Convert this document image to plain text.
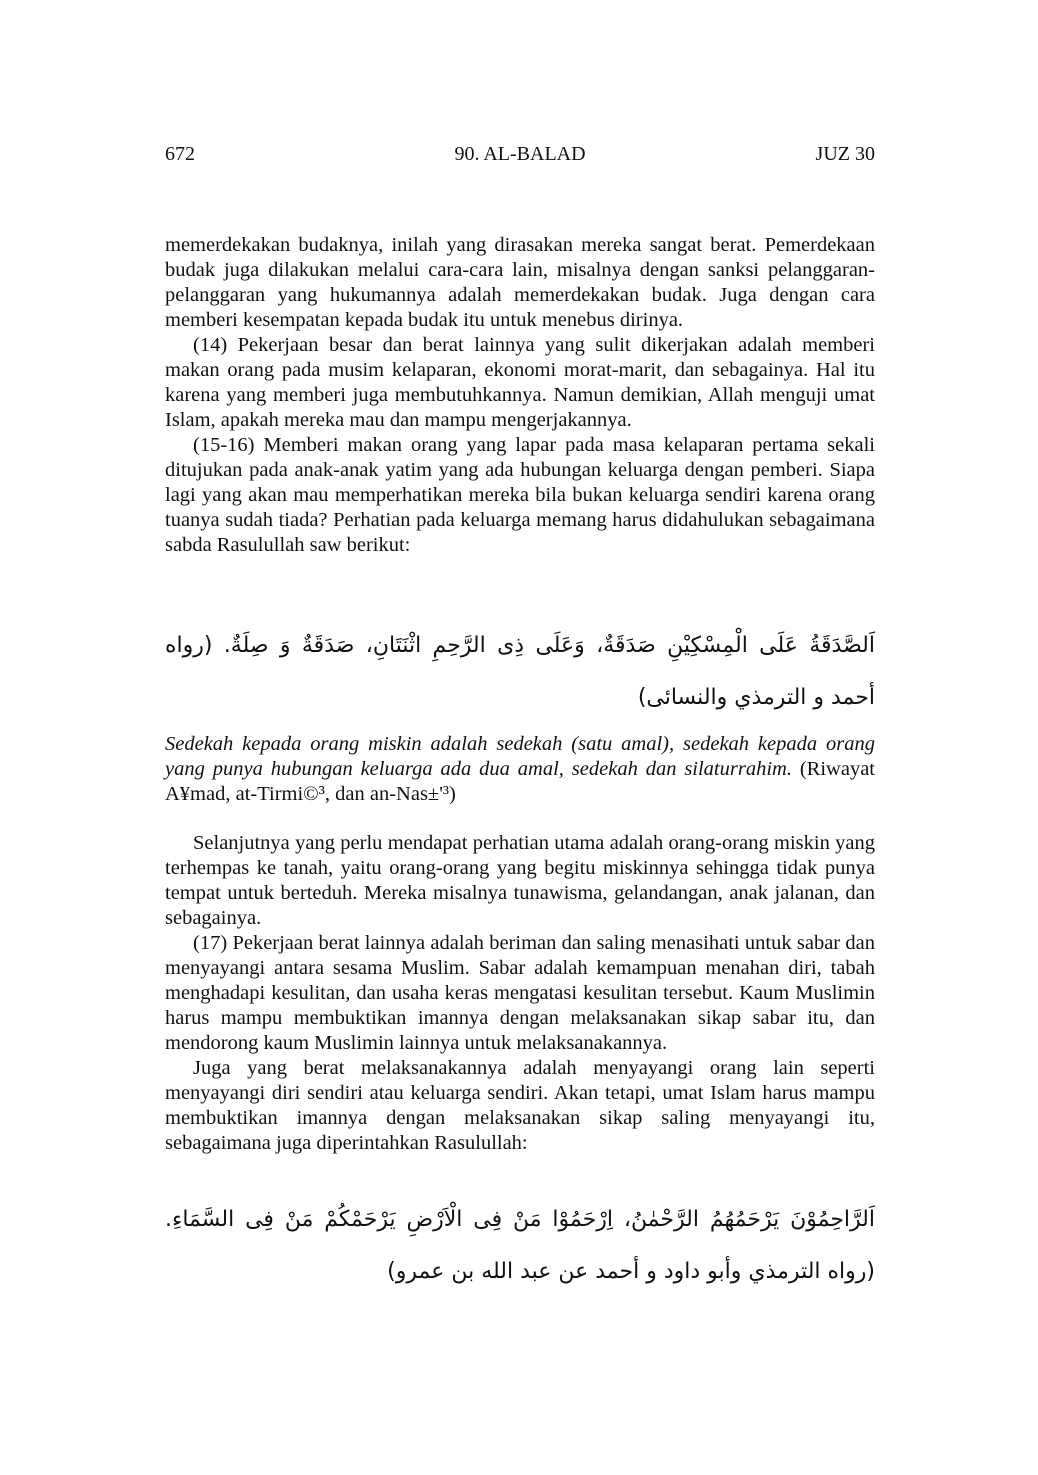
672	90. AL-BALAD	JUZ 30

memerdekakan budaknya, inilah yang dirasakan mereka sangat berat. Pemerdekaan budak juga dilakukan melalui cara-cara lain, misalnya dengan sanksi pelanggaran-pelanggaran yang hukumannya adalah memerdekakan budak. Juga dengan cara memberi kesempatan kepada budak itu untuk menebus dirinya.

(14) Pekerjaan besar dan berat lainnya yang sulit dikerjakan adalah memberi makan orang pada musim kelaparan, ekonomi morat-marit, dan sebagainya. Hal itu karena yang memberi juga membutuhkannya. Namun demikian, Allah menguji umat Islam, apakah mereka mau dan mampu mengerjakannya.

(15-16) Memberi makan orang yang lapar pada masa kelaparan pertama sekali ditujukan pada anak-anak yatim yang ada hubungan keluarga dengan pemberi. Siapa lagi yang akan mau memperhatikan mereka bila bukan keluarga sendiri karena orang tuanya sudah tiada? Perhatian pada keluarga memang harus didahulukan sebagaimana sabda Rasulullah saw berikut:

اَلصَّدَقَةُ عَلَى الْمِسْكِيْنِ صَدَقَةٌ، وَعَلَى ذِى الرَّحِمِ اثْنَتَانِ، صَدَقَةٌ وَ صِلَةٌ. (رواه أحمد و الترمذي والنسائى)
Sedekah kepada orang miskin adalah sedekah (satu amal), sedekah kepada orang yang punya hubungan keluarga ada dua amal, sedekah dan silaturrahim. (Riwayat A¥mad, at-Tirmi©³, dan an-Nas±'³)

Selanjutnya yang perlu mendapat perhatian utama adalah orang-orang miskin yang terhempas ke tanah, yaitu orang-orang yang begitu miskinnya sehingga tidak punya tempat untuk berteduh. Mereka misalnya tunawisma, gelandangan, anak jalanan, dan sebagainya.

(17) Pekerjaan berat lainnya adalah beriman dan saling menasihati untuk sabar dan menyayangi antara sesama Muslim. Sabar adalah kemampuan menahan diri, tabah menghadapi kesulitan, dan usaha keras mengatasi kesulitan tersebut. Kaum Muslimin harus mampu membuktikan imannya dengan melaksanakan sikap sabar itu, dan mendorong kaum Muslimin lainnya untuk melaksanakannya.

Juga yang berat melaksanakannya adalah menyayangi orang lain seperti menyayangi diri sendiri atau keluarga sendiri. Akan tetapi, umat Islam harus mampu membuktikan imannya dengan melaksanakan sikap saling menyayangi itu, sebagaimana juga diperintahkan Rasulullah:

اَلرَّاحِمُوْنَ يَرْحَمُهُمُ الرَّحْمٰنُ، اِرْحَمُوْا مَنْ فِى الْاَرْضِ يَرْحَمْكُمْ مَنْ فِى السَّمَاءِ. (رواه الترمذي وأبو داود و أحمد عن عبد الله بن عمرو)
